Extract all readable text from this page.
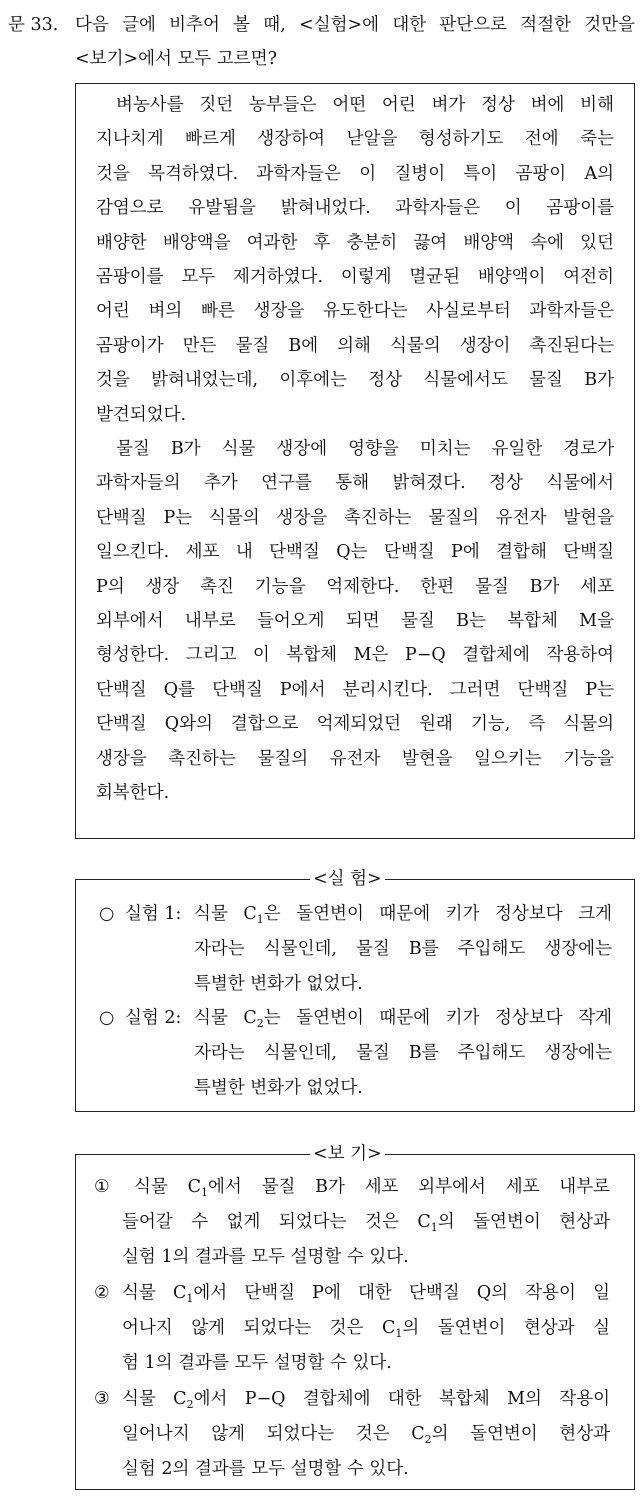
문 33. 다음 글에 비추어 볼 때, <실험>에 대한 판단으로 적절한 것만을
<보기>에서 모두 고르면?
벼농사를 짓던 농부들은 어떤 어린 벼가 정상 벼에 비해
지나치게 빠르게 생장하여 낟알을 형성하기도 전에 죽는
것을 목격하였다. 과학자들은 이 질병이 특이 곰팡이 A의
감염으로 유발됨을 밝혀내었다. 과학자들은 이 곰팡이를
배양한 배양액을 여과한 후 충분히 끓여 배양액 속에 있던
곰팡이를 모두 제거하였다. 이렇게 멸균된 배양액이 여전히
어린 벼의 빠른 생장을 유도한다는 사실로부터 과학자들은
곰팡이가 만든 물질 B에 의해 식물의 생장이 촉진된다는
것을 밝혀내었는데, 이후에는 정상 식물에서도 물질 B가
발견되었다.
물질 B가 식물 생장에 영향을 미치는 유일한 경로가
과학자들의 추가 연구를 통해 밝혀졌다. 정상 식물에서
단백질 P는 식물의 생장을 촉진하는 물질의 유전자 발현을
일으킨다. 세포 내 단백질 Q는 단백질 P에 결합해 단백질
P의 생장 촉진 기능을 억제한다. 한편 물질 B가 세포
외부에서 내부로 들어오게 되면 물질 B는 복합체 M을
형성한다. 그리고 이 복합체 M은 P−Q 결합체에 작용하여
단백질 Q를 단백질 P에서 분리시킨다. 그러면 단백질 P는
단백질 Q와의 결합으로 억제되었던 원래 기능, 즉 식물의
생장을 촉진하는 물질의 유전자 발현을 일으키는 기능을
회복한다.
<실 험>
○ 실험 1: 식물 $C_1$은 돌연변이 때문에 키가 정상보다 크게
자라는 식물인데, 물질 B를 주입해도 생장에는
특별한 변화가 없었다.
○ 실험 2: 식물 $C_2$는 돌연변이 때문에 키가 정상보다 작게
자라는 식물인데, 물질 B를 주입해도 생장에는
특별한 변화가 없었다.
<보 기>
① 식물 $C_1$에서 물질 B가 세포 외부에서 세포 내부로
들어갈 수 없게 되었다는 것은 $C_1$의 돌연변이 현상과
실험 1의 결과를 모두 설명할 수 있다.
② 식물 $C_1$에서 단백질 P에 대한 단백질 Q의 작용이 일
어나지 않게 되었다는 것은 $C_1$의 돌연변이 현상과 실
험 1의 결과를 모두 설명할 수 있다.
③ 식물 $C_2$에서 P−Q 결합체에 대한 복합체 M의 작용이
일어나지 않게 되었다는 것은 $C_2$의 돌연변이 현상과
실험 2의 결과를 모두 설명할 수 있다.
